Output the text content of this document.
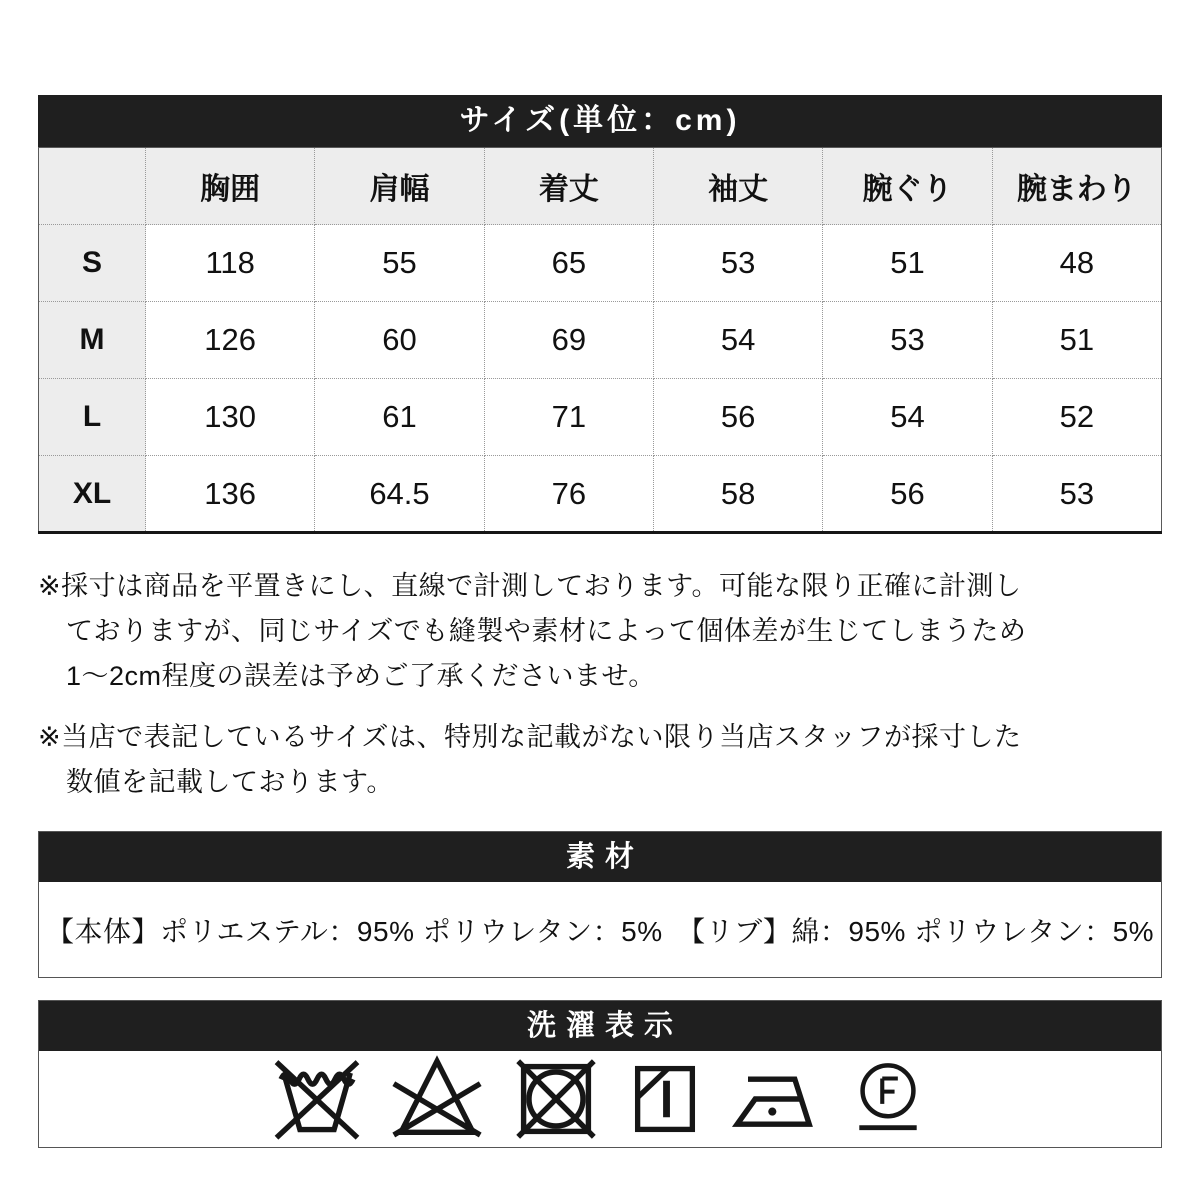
サイズ(単位：cm)
	胸囲	肩幅	着丈	袖丈	腕ぐり	腕まわり
S	118	55	65	53	51	48
M	126	60	69	54	53	51
L	130	61	71	56	54	52
XL	136	64.5	76	58	56	53
※採寸は商品を平置きにし、直線で計測しております。可能な限り正確に計測し
ておりますが、同じサイズでも縫製や素材によって個体差が生じてしまうため
1〜2cm程度の誤差は予めご了承くださいませ。
※当店で表記しているサイズは、特別な記載がない限り当店スタッフが採寸した
数値を記載しております。
素材
【本体】ポリエステル：95% ポリウレタン：5%　【リブ】綿：95% ポリウレタン：5%
洗濯表示
